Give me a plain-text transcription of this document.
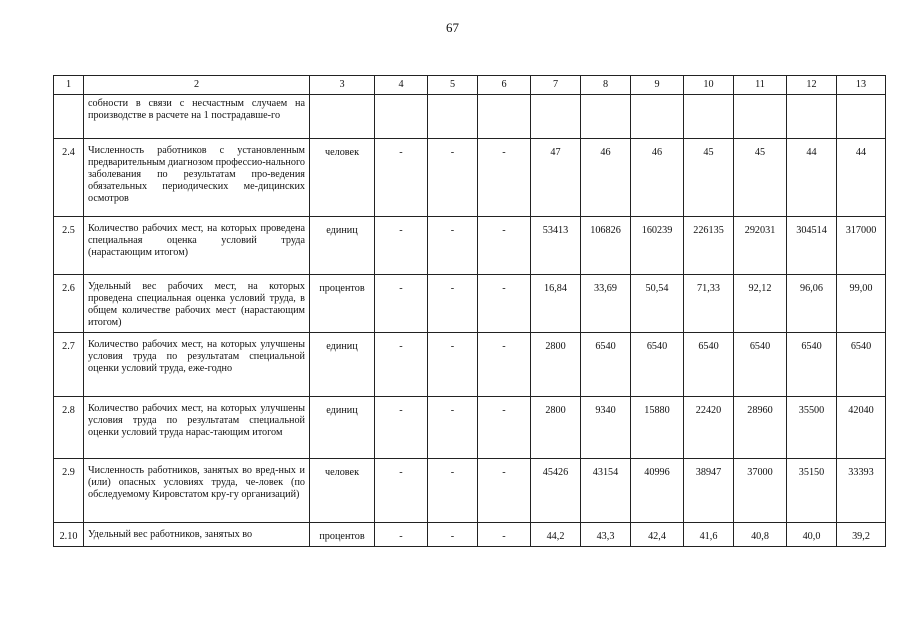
67
1	2	3	4	5	6	7	8	9	10	11	12	13
	собности в связи с несчастным случаем на производстве в расчете на 1 пострадавше-го											
2.4	Численность работников с установленным предварительным диагнозом профессио-нального заболевания по результатам про-ведения обязательных периодических ме-дицинских осмотров	человек	-	-	-	47	46	46	45	45	44	44
2.5	Количество рабочих мест, на которых проведена специальная оценка условий труда (нарастающим итогом)	единиц	-	-	-	53413	106826	160239	226135	292031	304514	317000
2.6	Удельный вес рабочих мест, на которых проведена специальная оценка условий труда, в общем количестве рабочих мест (нарастающим итогом)	процентов	-	-	-	16,84	33,69	50,54	71,33	92,12	96,06	99,00
2.7	Количество рабочих мест, на которых улучшены условия труда по результатам специальной оценки условий труда, еже-годно	единиц	-	-	-	2800	6540	6540	6540	6540	6540	6540
2.8	Количество рабочих мест, на которых улучшены условия труда по результатам специальной оценки условий труда нарас-тающим итогом	единиц	-	-	-	2800	9340	15880	22420	28960	35500	42040
2.9	Численность работников, занятых во вред-ных и (или) опасных условиях труда, че-ловек (по обследуемому Кировстатом кру-гу организаций)	человек	-	-	-	45426	43154	40996	38947	37000	35150	33393
2.10	Удельный вес работников, занятых во	процентов	-	-	-	44,2	43,3	42,4	41,6	40,8	40,0	39,2
